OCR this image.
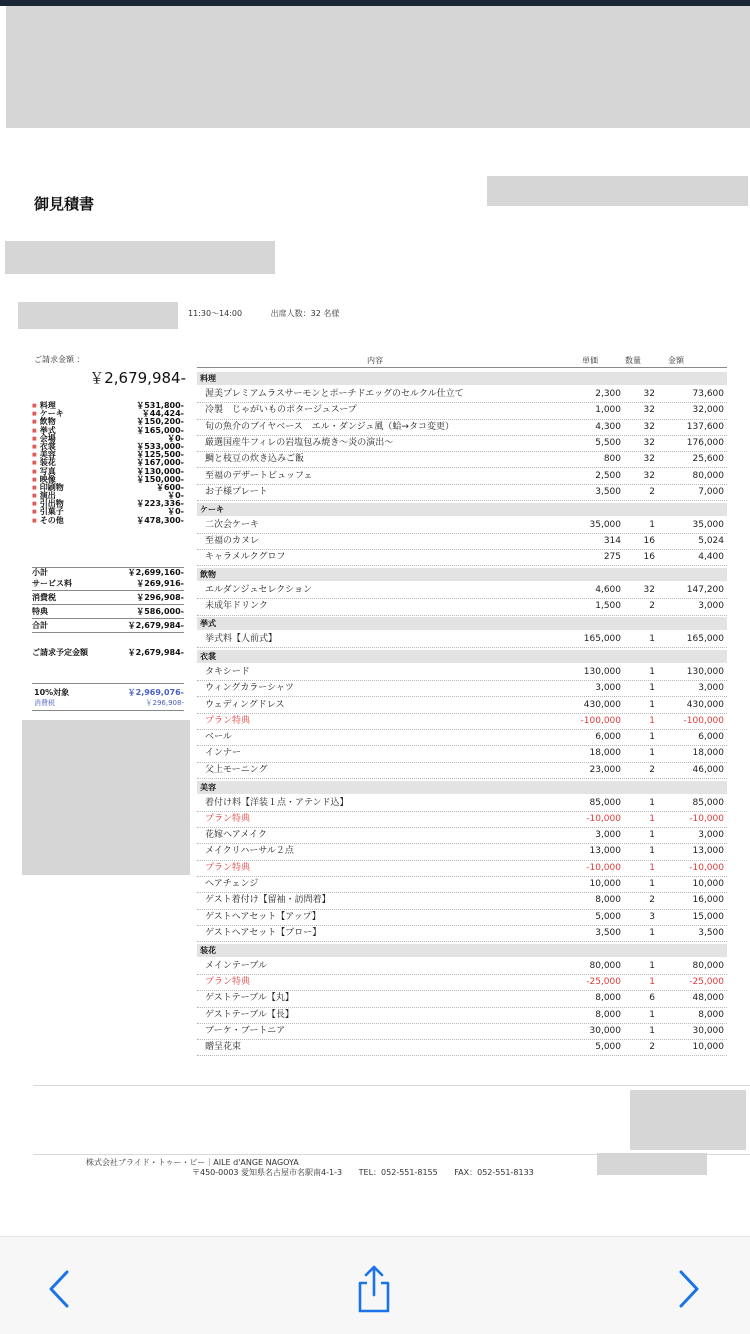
御見積書
11:30〜14:00	出席人数：32 名様
ご請求金額 ：
￥2,679,984-
■ 料理	￥531,800-
■ ケーキ	￥44,424-
■ 飲物	￥150,200-
■ 挙式	￥165,000-
■ 会場	￥0-
■ 衣裳	￥533,000-
■ 美容	￥125,500-
■ 装花	￥167,000-
■ 写真	￥130,000-
■ 映像	￥150,000-
■ 印刷物	￥600-
■ 演出	￥0-
■ 引出物	￥223,336-
■ 引菓子	￥0-
■ その他	￥478,300-
小計	￥2,699,160-
サービス料	￥269,916-
消費税	￥296,908-
特典	￥586,000-
合計	￥2,679,984-
ご請求予定金額	￥2,679,984-
10%対象	￥2,969,076-
消費税	￥296,908-
内容	単価	数量	金額
料理
渥美プレミアムラスサーモンとポーチドエッグのセルクル仕立て	2,300	32	73,600
冷製　じゃがいものポタージュスープ	1,000	32	32,000
旬の魚介のブイヤベース　エル・ダンジュ風（蛤→タコ変更）	4,300	32	137,600
厳選国産牛フィレの岩塩包み焼き〜炎の演出〜	5,500	32	176,000
鯛と枝豆の炊き込みご飯	800	32	25,600
至福のデザートビュッフェ	2,500	32	80,000
お子様プレート	3,500	2	7,000
ケーキ
二次会ケーキ	35,000	1	35,000
至福のカヌレ	314	16	5,024
キャラメルクグロフ	275	16	4,400
飲物
エルダンジュセレクション	4,600	32	147,200
未成年ドリンク	1,500	2	3,000
挙式
挙式料【人前式】	165,000	1	165,000
衣裳
タキシード	130,000	1	130,000
ウィングカラーシャツ	3,000	1	3,000
ウェディングドレス	430,000	1	430,000
プラン特典	-100,000	1	-100,000
ベール	6,000	1	6,000
インナー	18,000	1	18,000
父上モーニング	23,000	2	46,000
美容
着付け料【洋装１点・アテンド込】	85,000	1	85,000
プラン特典	-10,000	1	-10,000
花嫁ヘアメイク	3,000	1	3,000
メイクリハーサル２点	13,000	1	13,000
プラン特典	-10,000	1	-10,000
ヘアチェンジ	10,000	1	10,000
ゲスト着付け【留袖・訪問着】	8,000	2	16,000
ゲストヘアセット【アップ】	5,000	3	15,000
ゲストヘアセット【ブロー】	3,500	1	3,500
装花
メインテーブル	80,000	1	80,000
プラン特典	-25,000	1	-25,000
ゲストテーブル【丸】	8,000	6	48,000
ゲストテーブル【長】	8,000	1	8,000
ブーケ・ブートニア	30,000	1	30,000
贈呈花束	5,000	2	10,000
株式会社ブライド・トゥー・ビー｜AILE d'ANGE NAGOYA
〒450-0003 愛知県名古屋市名駅南4-1-3 TEL：052-551-8155 FAX：052-551-8133
